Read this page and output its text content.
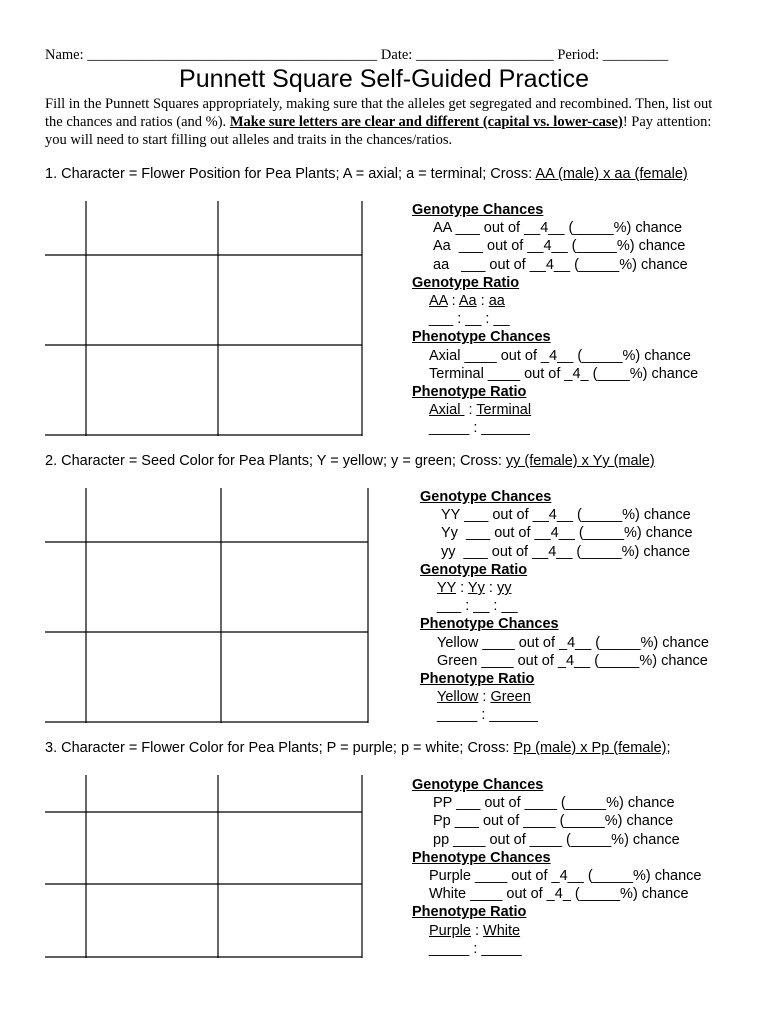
Name: ________________________________________ Date: ___________________ Period: _________
Punnett Square Self-Guided Practice
Fill in the Punnett Squares appropriately, making sure that the alleles get segregated and recombined. Then, list out the chances and ratios (and %). Make sure letters are clear and different (capital vs. lower-case)! Pay attention: you will need to start filling out alleles and traits in the chances/ratios.
1. Character = Flower Position for Pea Plants; A = axial; a = terminal; Cross: AA (male) x aa (female)
Genotype Chances
AA ___ out of __4__ (_____%) chance
Aa  ___ out of __4__ (_____%) chance
aa   ___ out of __4__ (_____%) chance
Genotype Ratio
AA : Aa : aa
___ : __ : __
Phenotype Chances
Axial ____ out of _4__ (_____%) chance
Terminal ____ out of _4_ (____%) chance
Phenotype Ratio
Axial  : Terminal
_____ : ______
2. Character = Seed Color for Pea Plants; Y = yellow; y = green; Cross: yy (female) x Yy (male)
Genotype Chances
YY ___ out of __4__ (_____%) chance
Yy  ___ out of __4__ (_____%) chance
yy  ___ out of __4__ (_____%) chance
Genotype Ratio
YY : Yy : yy
___ : __ : __
Phenotype Chances
Yellow ____ out of _4__ (_____%) chance
Green ____ out of _4__ (_____%) chance
Phenotype Ratio
Yellow : Green
_____ : ______
3. Character = Flower Color for Pea Plants; P = purple; p = white; Cross: Pp (male) x Pp (female);
Genotype Chances
PP ___ out of ____ (_____%) chance
Pp ___ out of ____ (_____%) chance
pp ____ out of ____ (_____%) chance
Phenotype Chances
Purple ____ out of _4__ (_____%) chance
White ____ out of _4_ (_____%) chance
Phenotype Ratio
Purple : White
_____ : _____
